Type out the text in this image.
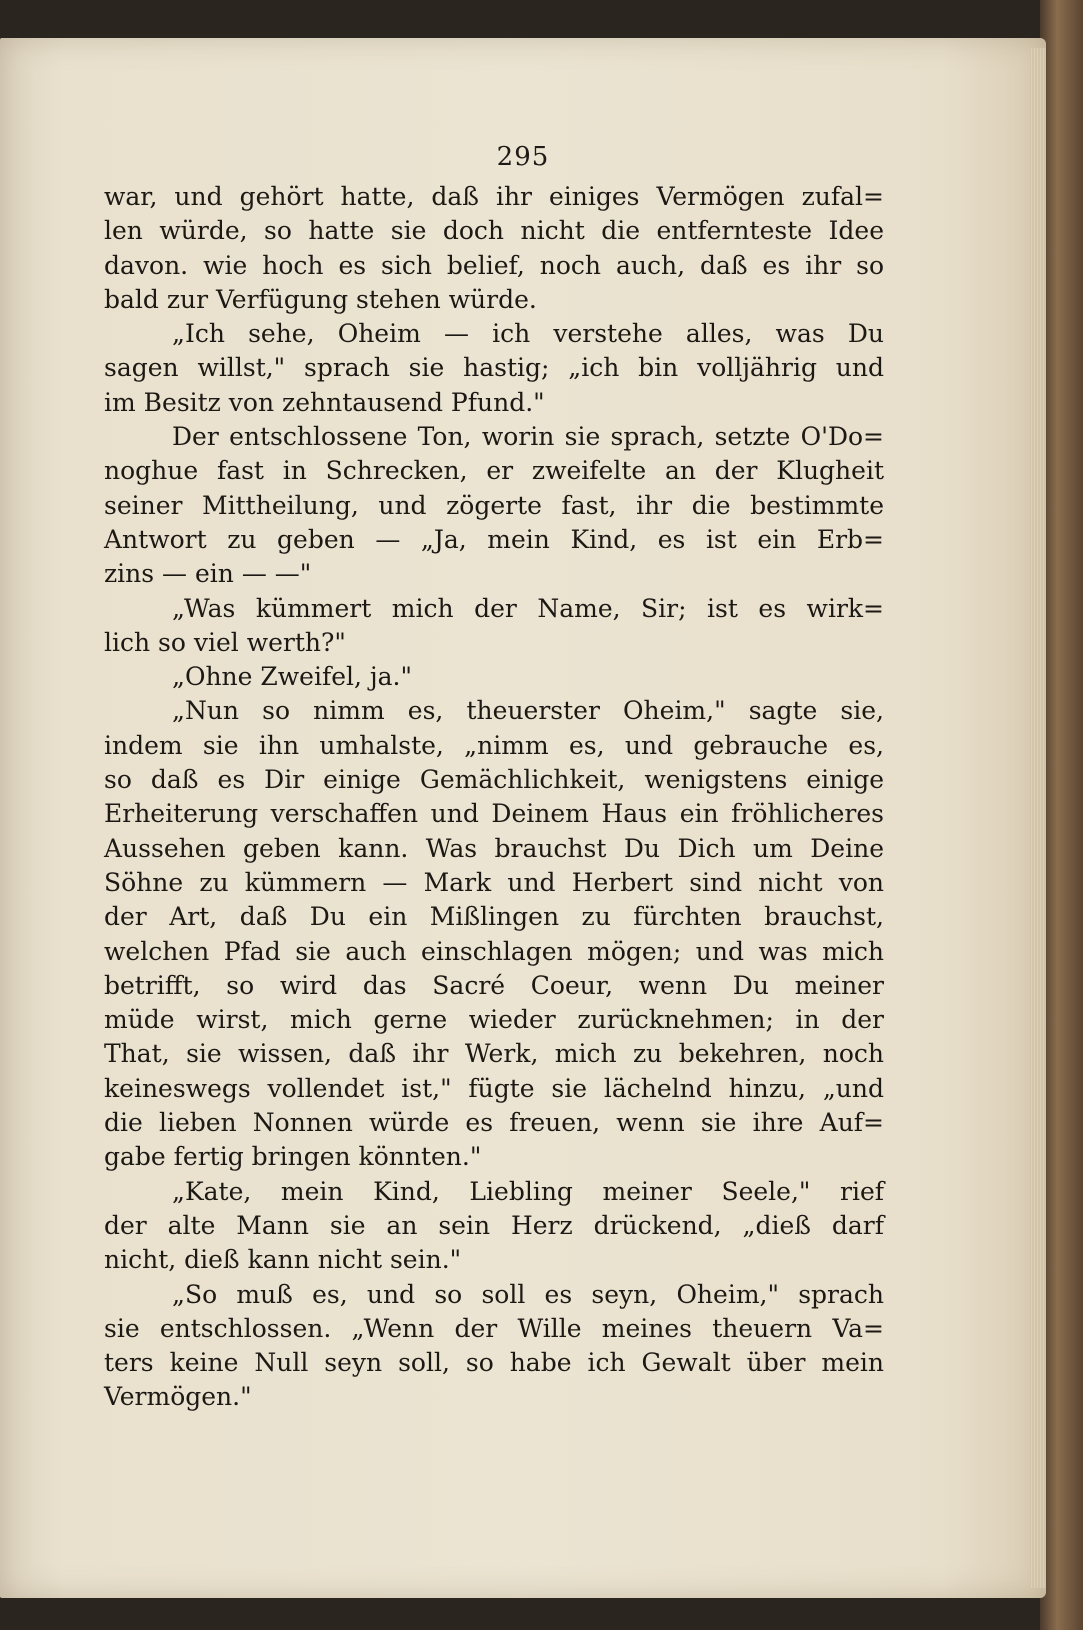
295
war, und gehört hatte, daß ihr einiges Vermögen zufal=
len würde, so hatte sie doch nicht die entfernteste Idee
davon. wie hoch es sich belief, noch auch, daß es ihr so
bald zur Verfügung stehen würde.
„Ich sehe, Oheim — ich verstehe alles, was Du
sagen willst," sprach sie hastig; „ich bin volljährig und
im Besitz von zehntausend Pfund."
Der entschlossene Ton, worin sie sprach, setzte O'Do=
noghue fast in Schrecken, er zweifelte an der Klugheit
seiner Mittheilung, und zögerte fast, ihr die bestimmte
Antwort zu geben — „Ja, mein Kind, es ist ein Erb=
zins — ein — —"
„Was kümmert mich der Name, Sir; ist es wirk=
lich so viel werth?"
„Ohne Zweifel, ja."
„Nun so nimm es, theuerster Oheim," sagte sie,
indem sie ihn umhalste, „nimm es, und gebrauche es,
so daß es Dir einige Gemächlichkeit, wenigstens einige
Erheiterung verschaffen und Deinem Haus ein fröhlicheres
Aussehen geben kann. Was brauchst Du Dich um Deine
Söhne zu kümmern — Mark und Herbert sind nicht von
der Art, daß Du ein Mißlingen zu fürchten brauchst,
welchen Pfad sie auch einschlagen mögen; und was mich
betrifft, so wird das Sacré Coeur, wenn Du meiner
müde wirst, mich gerne wieder zurücknehmen; in der
That, sie wissen, daß ihr Werk, mich zu bekehren, noch
keineswegs vollendet ist," fügte sie lächelnd hinzu, „und
die lieben Nonnen würde es freuen, wenn sie ihre Auf=
gabe fertig bringen könnten."
„Kate, mein Kind, Liebling meiner Seele," rief
der alte Mann sie an sein Herz drückend, „dieß darf
nicht, dieß kann nicht sein."
„So muß es, und so soll es seyn, Oheim," sprach
sie entschlossen. „Wenn der Wille meines theuern Va=
ters keine Null seyn soll, so habe ich Gewalt über mein
Vermögen."
